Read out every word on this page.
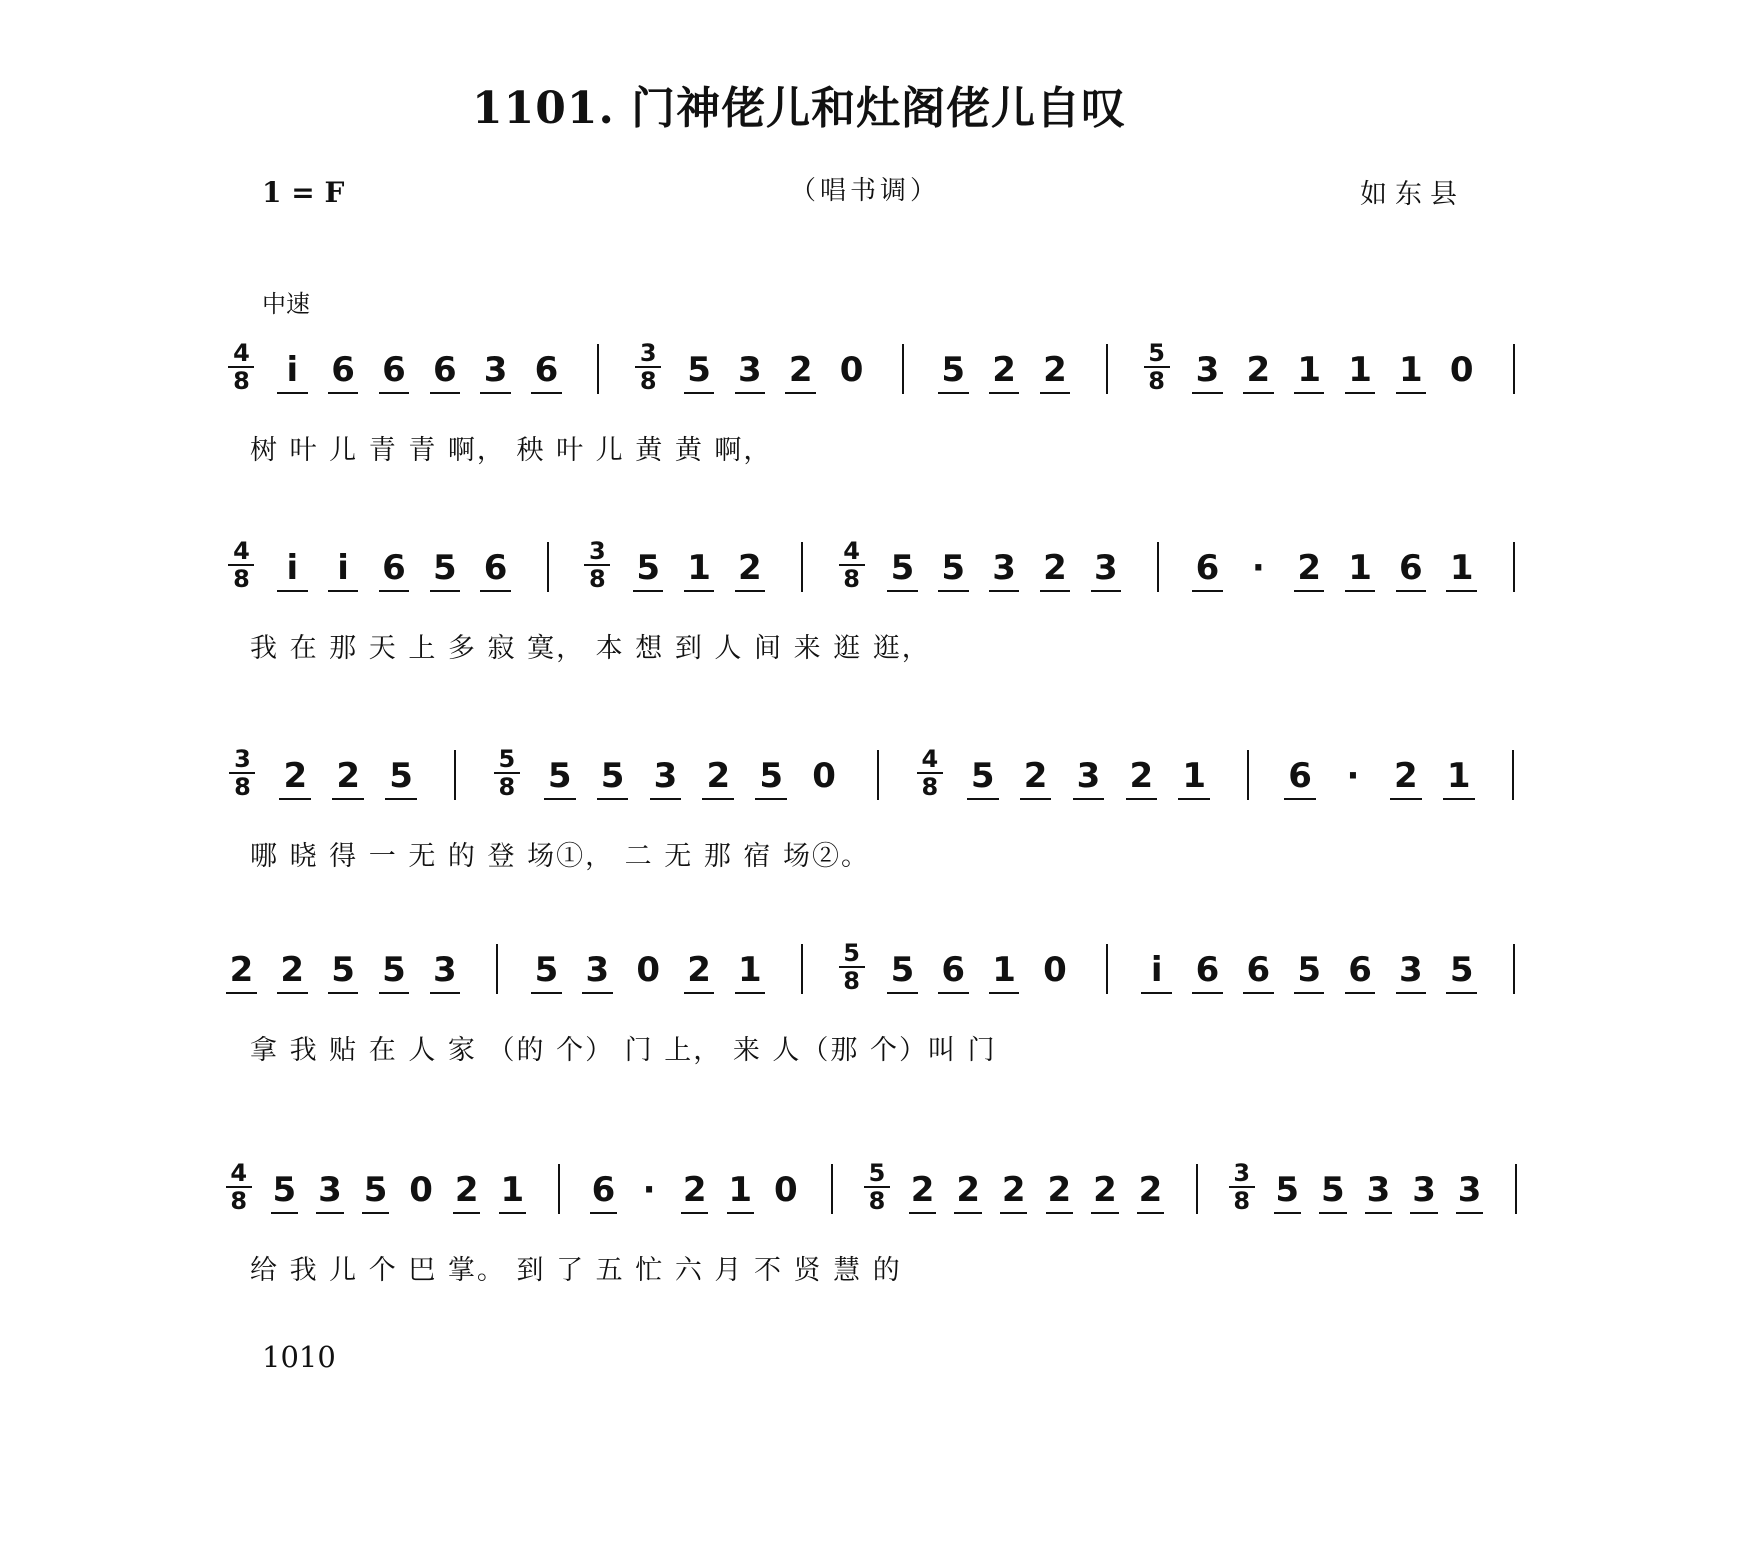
1101. 门神佬儿和灶阁佬儿自叹
1 = F	（唱书调）	如东县
中速
4
8	i 6 6 6 3 6	3
8 5 3 2 0	5 2 2	5
8 3 2 1 1 1 0
树 叶 儿 青 青 啊， 秧 叶 儿 黄 黄 啊，
4
8	i	i 6 5 6	3
8 5 1 2	4
8 5 5 3 2 3	6 · 2 1 6 1
我 在 那 天 上 多 寂 寞， 本 想 到 人 间 来 逛 逛，
3
8 2 2 5	5
8 5 5 3 2 5 0	4
8 5 2 3 2 1	6	·	2 1
哪 晓 得 一 无 的 登 场①， 二 无 那 宿 场②。
2 2 5 5 3	5 3 0 2 1	5
8 5 6 1 0	i 6 6 5 6 3 5
拿 我 贴 在 人 家 （的 个） 门 上， 来 人（那 个）叫 门
4
8 5 3 5 0 2 1	6 · 2 1 0	5
8 2 2 2 2 2 2	3
8 5 5 3 3 3
给 我 儿 个 巴 掌。 到 了 五 忙 六 月 不 贤 慧 的
1010
